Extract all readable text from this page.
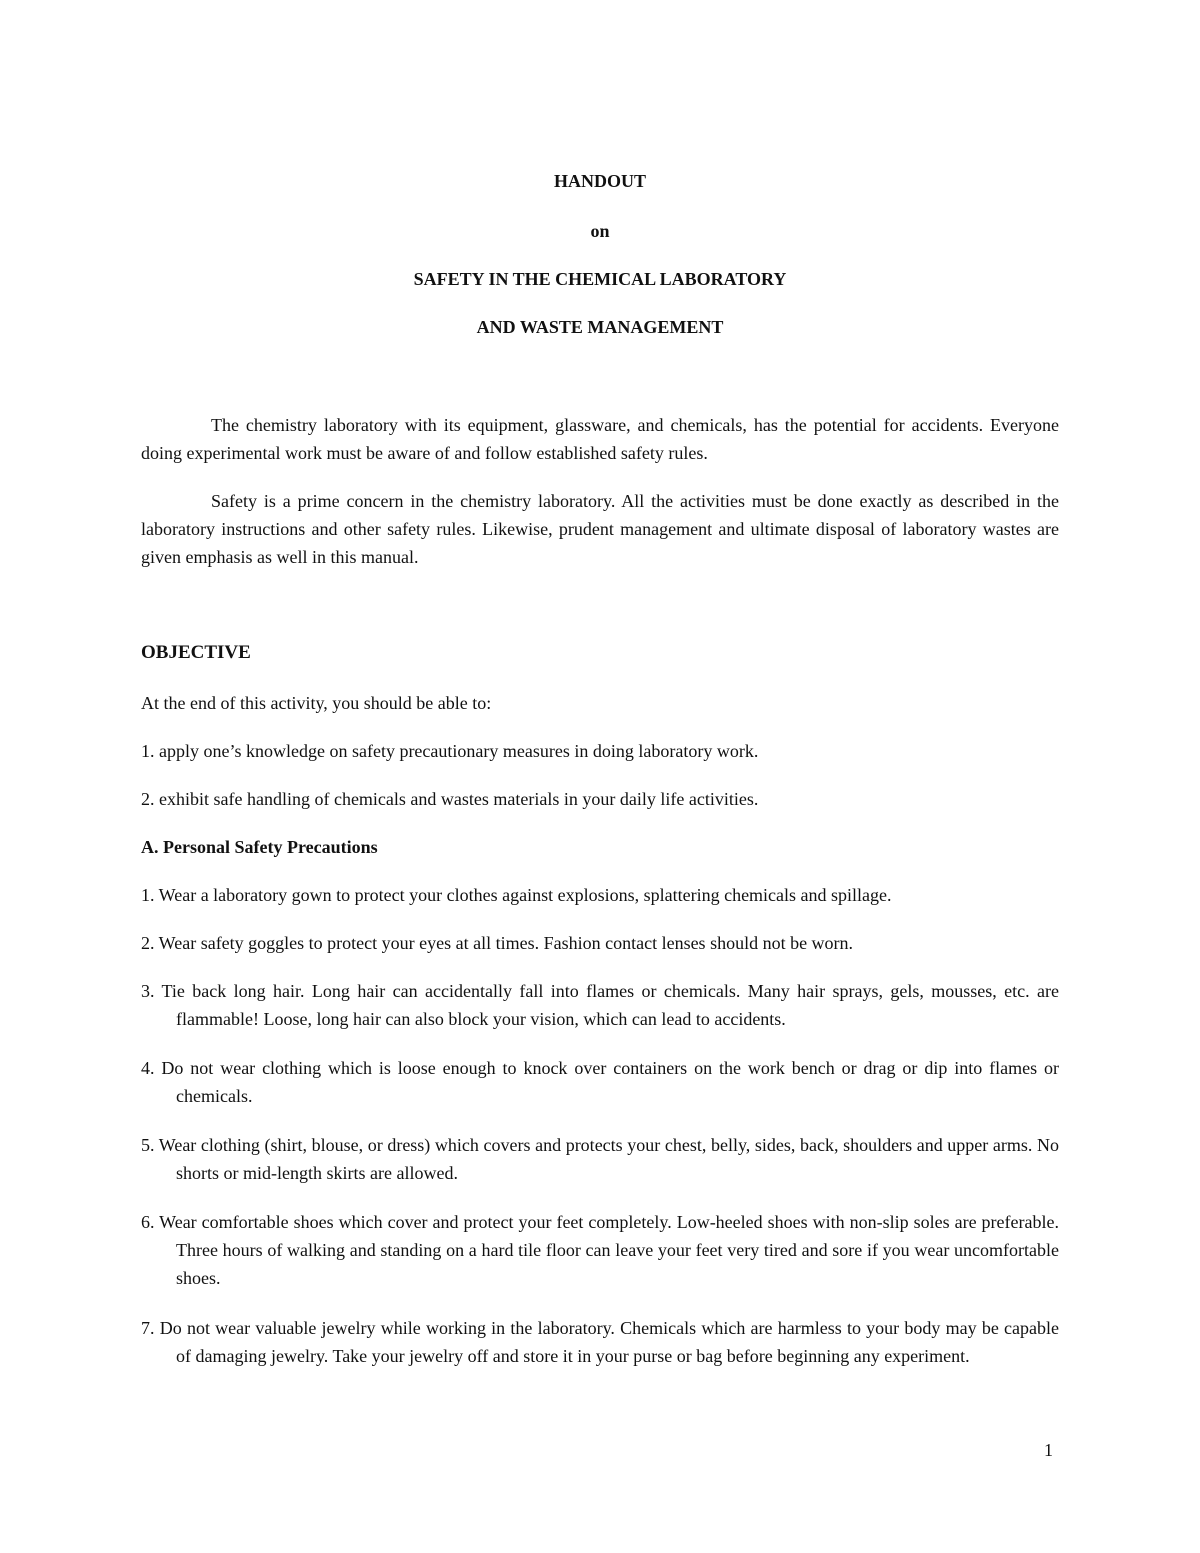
HANDOUT

on

SAFETY IN THE CHEMICAL LABORATORY

AND WASTE MANAGEMENT

The chemistry laboratory with its equipment, glassware, and chemicals, has the potential for accidents. Everyone doing experimental work must be aware of and follow established safety rules.

Safety is a prime concern in the chemistry laboratory. All the activities must be done exactly as described in the laboratory instructions and other safety rules. Likewise, prudent management and ultimate disposal of laboratory wastes are given emphasis as well in this manual.

OBJECTIVE

At the end of this activity, you should be able to:

1. apply one’s knowledge on safety precautionary measures in doing laboratory work.

2. exhibit safe handling of chemicals and wastes materials in your daily life activities.

A. Personal Safety Precautions

1. Wear a laboratory gown to protect your clothes against explosions, splattering chemicals and spillage.

2. Wear safety goggles to protect your eyes at all times. Fashion contact lenses should not be worn.

3. Tie back long hair. Long hair can accidentally fall into flames or chemicals. Many hair sprays, gels, mousses, etc. are flammable! Loose, long hair can also block your vision, which can lead to accidents.

4. Do not wear clothing which is loose enough to knock over containers on the work bench or drag or dip into flames or chemicals.

5. Wear clothing (shirt, blouse, or dress) which covers and protects your chest, belly, sides, back, shoulders and upper arms. No shorts or mid-length skirts are allowed.

6. Wear comfortable shoes which cover and protect your feet completely. Low-heeled shoes with non-slip soles are preferable. Three hours of walking and standing on a hard tile floor can leave your feet very tired and sore if you wear uncomfortable shoes.

7. Do not wear valuable jewelry while working in the laboratory. Chemicals which are harmless to your body may be capable of damaging jewelry. Take your jewelry off and store it in your purse or bag before beginning any experiment.

1
